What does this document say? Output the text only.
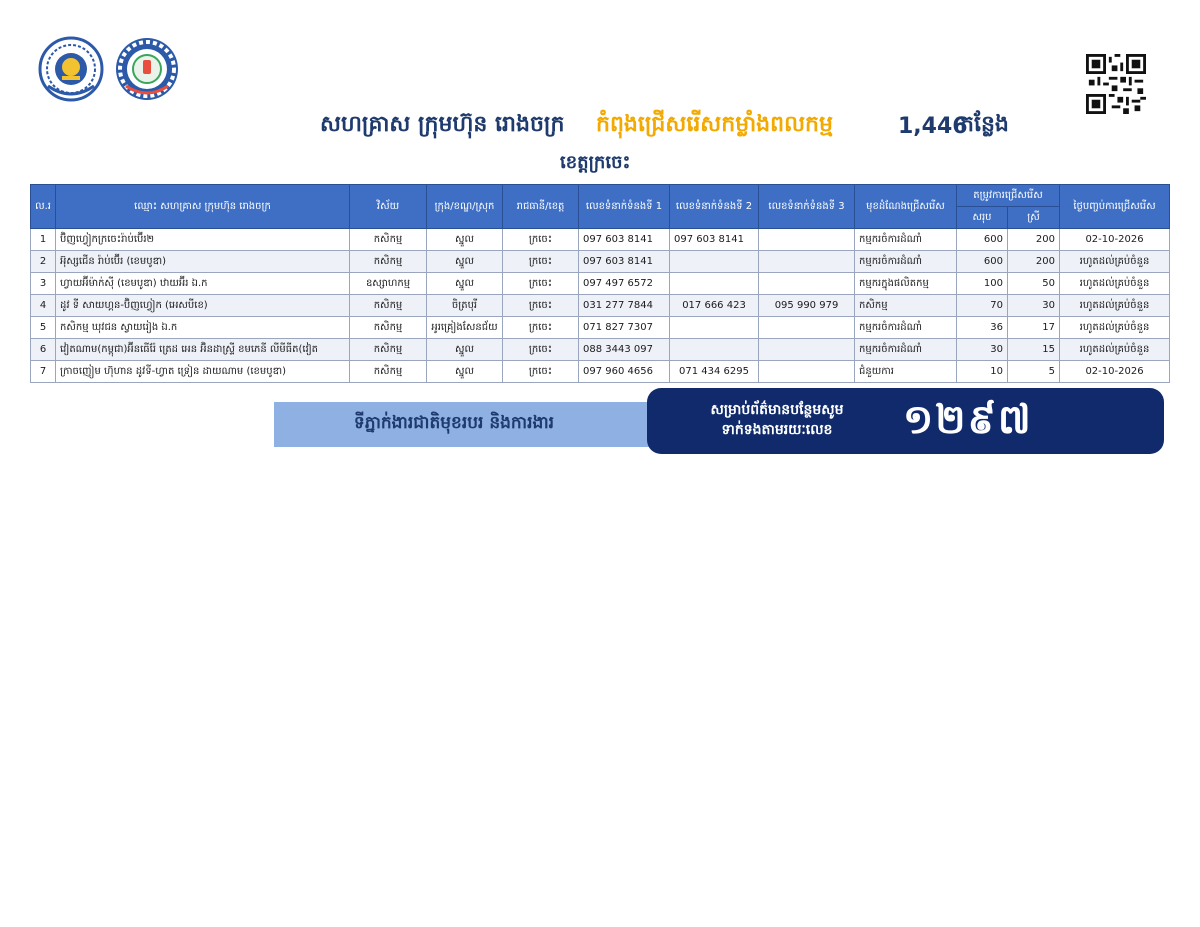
សហគ្រាស ក្រុមហ៊ុន រោងចក្រ កំពុងជ្រើសរើសកម្លាំងពលកម្ម	1,446
កន្លែង
ខេត្តក្រចេះ
ល.រ	ឈ្មោះ សហគ្រាស ក្រុមហ៊ុន រោងចក្រ	វិស័យ	ក្រុង/ខណ្ឌ/ស្រុក	រាជធានី/ខេត្ត	លេខទំនាក់ទំនងទី 1	លេខទំនាក់ទំនងទី 2	លេខទំនាក់ទំនងទី 3	មុខដំណែងជ្រើសរើស	តម្រូវការជ្រើសរើស		ថ្ងៃបញ្ចប់ការជ្រើសរើស
									សរុប	ស្រី	
1	ប៊ិញហ្វៀកក្រចេះរ៉ាប់ប៊ើរ២	កសិកម្ម	ស្នួល	ក្រចេះ	097 603 8141	097 603 8141		កម្មករចំការដំណាំ	600	200	02-10-2026
2	អ៊ុស្សជើន រ៉ាប់ប៊ើរ (ខេមបូឌា)	កសិកម្ម	ស្នួល	ក្រចេះ	097 603 8141			កម្មករចំការដំណាំ	600	200	រហូតដល់គ្រប់ចំនួន
3	ហ្វាយអ៊ីម៉ាក់ស៊ី (ខេមបូឌា) ឋាយអ៊ីរ ឯ.ក	ឧស្សាហកម្ម	ស្នួល	ក្រចេះ	097 497 6572			កម្មករក្នុងផលិតកម្ម	100	50	រហូតដល់គ្រប់ចំនួន
4	ដូវ ទី សាយហ្គន-ប៊ិញហ្វៀក (អេសបីខេ)	កសិកម្ម	ចិត្របុរី	ក្រចេះ	031 277 7844	017 666 423	095 990 979	កសិកម្ម	70	30	រហូតដល់គ្រប់ចំនួន
5	កសិកម្ម ឃុវជន ស្វាយរៀង ឯ.ក	កសិកម្ម	អូរគ្រៀងសែនជ័យ	ក្រចេះ	071 827 7307			កម្មករចំការដំណាំ	36	17	រហូតដល់គ្រប់ចំនួន
6	វៀតណាម(កម្ពុជា)អ៊ីនធើរ៉ែ ត្រេដ អេន អ៊ិនដាស្រ្ទី ខមភេនី លីមីធីត(វៀត	កសិកម្ម	ស្នួល	ក្រចេះ	088 3443 097			កម្មករចំការដំណាំ	30	15	រហូតដល់គ្រប់ចំនួន
7	ក្រាចញៀម ហ៊ុហាន ដូវទី-ហ្វាត ទ្រៀន ដាយណាម (ខេមបូឌា)	កសិកម្ម	ស្នួល	ក្រចេះ	097 960 4656	071 434 6295		ជំនួយការ	10	5	02-10-2026
ទីភ្នាក់ងារជាតិមុខរបរ និងការងារ
សម្រាប់ព័ត៌មានបន្ថែមសូម
ទាក់ទងតាមរយៈលេខ	១២៩៧
